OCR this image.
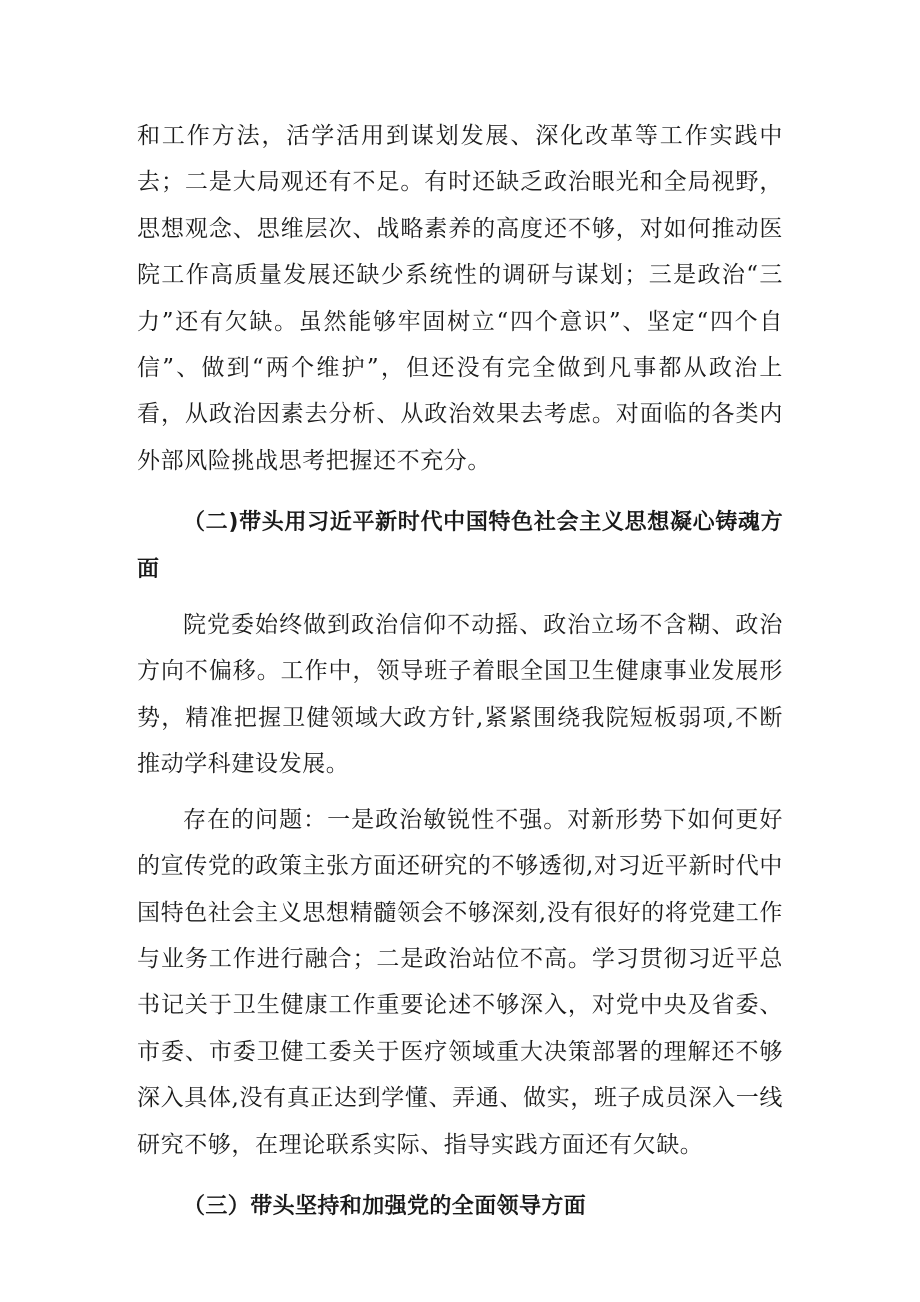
和工作方法，活学活用到谋划发展、深化改革等工作实践中去；二是大局观还有不足。有时还缺乏政治眼光和全局视野，思想观念、思维层次、战略素养的高度还不够，对如何推动医院工作高质量发展还缺少系统性的调研与谋划；三是政治“三力”还有欠缺。虽然能够牢固树立“四个意识”、坚定“四个自信”、做到“两个维护”，但还没有完全做到凡事都从政治上看，从政治因素去分析、从政治效果去考虑。对面临的各类内外部风险挑战思考把握还不充分。

（二)带头用习近平新时代中国特色社会主义思想凝心铸魂方面

院党委始终做到政治信仰不动摇、政治立场不含糊、政治方向不偏移。工作中，领导班子着眼全国卫生健康事业发展形势，精准把握卫健领域大政方针,紧紧围绕我院短板弱项,不断推动学科建设发展。

存在的问题：一是政治敏锐性不强。对新形势下如何更好的宣传党的政策主张方面还研究的不够透彻,对习近平新时代中国特色社会主义思想精髓领会不够深刻,没有很好的将党建工作与业务工作进行融合；二是政治站位不高。学习贯彻习近平总书记关于卫生健康工作重要论述不够深入，对党中央及省委、市委、市委卫健工委关于医疗领域重大决策部署的理解还不够深入具体,没有真正达到学懂、弄通、做实，班子成员深入一线研究不够，在理论联系实际、指导实践方面还有欠缺。

（三）带头坚持和加强党的全面领导方面
